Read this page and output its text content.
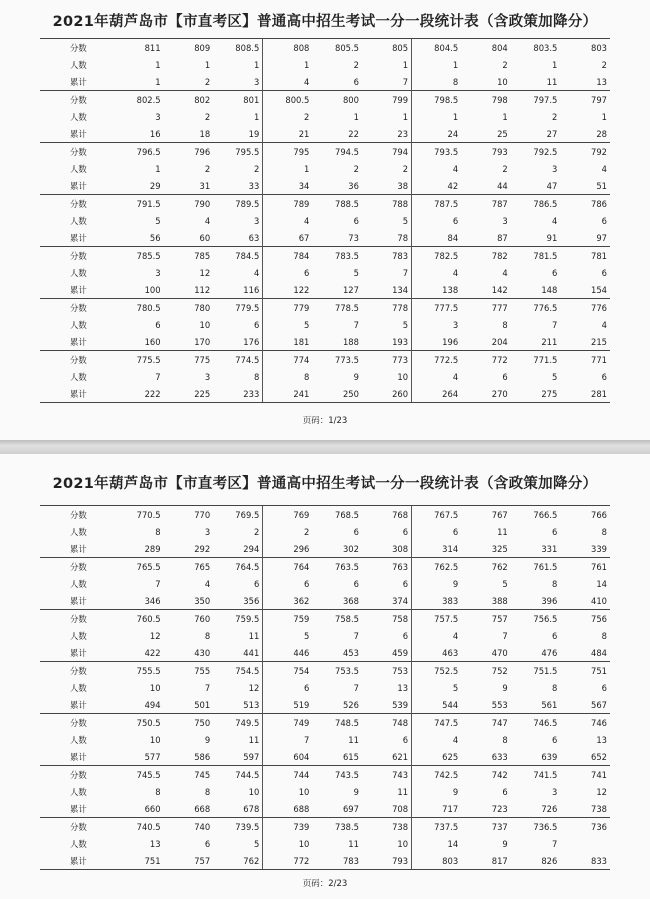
2021年葫芦岛市【市直考区】普通高中招生考试一分一段统计表（含政策加降分）
分数	811	809	808.5	808	805.5	805	804.5	804	803.5	803
人数	1	1	1	1	2	1	1	2	1	2
累计	1	2	3	4	6	7	8	10	11	13
分数	802.5	802	801	800.5	800	799	798.5	798	797.5	797
人数	3	2	1	2	1	1	1	1	2	1
累计	16	18	19	21	22	23	24	25	27	28
分数	796.5	796	795.5	795	794.5	794	793.5	793	792.5	792
人数	1	2	2	1	2	2	4	2	3	4
累计	29	31	33	34	36	38	42	44	47	51
分数	791.5	790	789.5	789	788.5	788	787.5	787	786.5	786
人数	5	4	3	4	6	5	6	3	4	6
累计	56	60	63	67	73	78	84	87	91	97
分数	785.5	785	784.5	784	783.5	783	782.5	782	781.5	781
人数	3	12	4	6	5	7	4	4	6	6
累计	100	112	116	122	127	134	138	142	148	154
分数	780.5	780	779.5	779	778.5	778	777.5	777	776.5	776
人数	6	10	6	5	7	5	3	8	7	4
累计	160	170	176	181	188	193	196	204	211	215
分数	775.5	775	774.5	774	773.5	773	772.5	772	771.5	771
人数	7	3	8	8	9	10	4	6	5	6
累计	222	225	233	241	250	260	264	270	275	281
页码：1/23
2021年葫芦岛市【市直考区】普通高中招生考试一分一段统计表（含政策加降分）
分数	770.5	770	769.5	769	768.5	768	767.5	767	766.5	766
人数	8	3	2	2	6	6	6	11	6	8
累计	289	292	294	296	302	308	314	325	331	339
分数	765.5	765	764.5	764	763.5	763	762.5	762	761.5	761
人数	7	4	6	6	6	6	9	5	8	14
累计	346	350	356	362	368	374	383	388	396	410
分数	760.5	760	759.5	759	758.5	758	757.5	757	756.5	756
人数	12	8	11	5	7	6	4	7	6	8
累计	422	430	441	446	453	459	463	470	476	484
分数	755.5	755	754.5	754	753.5	753	752.5	752	751.5	751
人数	10	7	12	6	7	13	5	9	8	6
累计	494	501	513	519	526	539	544	553	561	567
分数	750.5	750	749.5	749	748.5	748	747.5	747	746.5	746
人数	10	9	11	7	11	6	4	8	6	13
累计	577	586	597	604	615	621	625	633	639	652
分数	745.5	745	744.5	744	743.5	743	742.5	742	741.5	741
人数	8	8	10	10	9	11	9	6	3	12
累计	660	668	678	688	697	708	717	723	726	738
分数	740.5	740	739.5	739	738.5	738	737.5	737	736.5	736
人数	13	6	5	10	11	10	14	9	7	
累计	751	757	762	772	783	793	803	817	826	833
页码：2/23
